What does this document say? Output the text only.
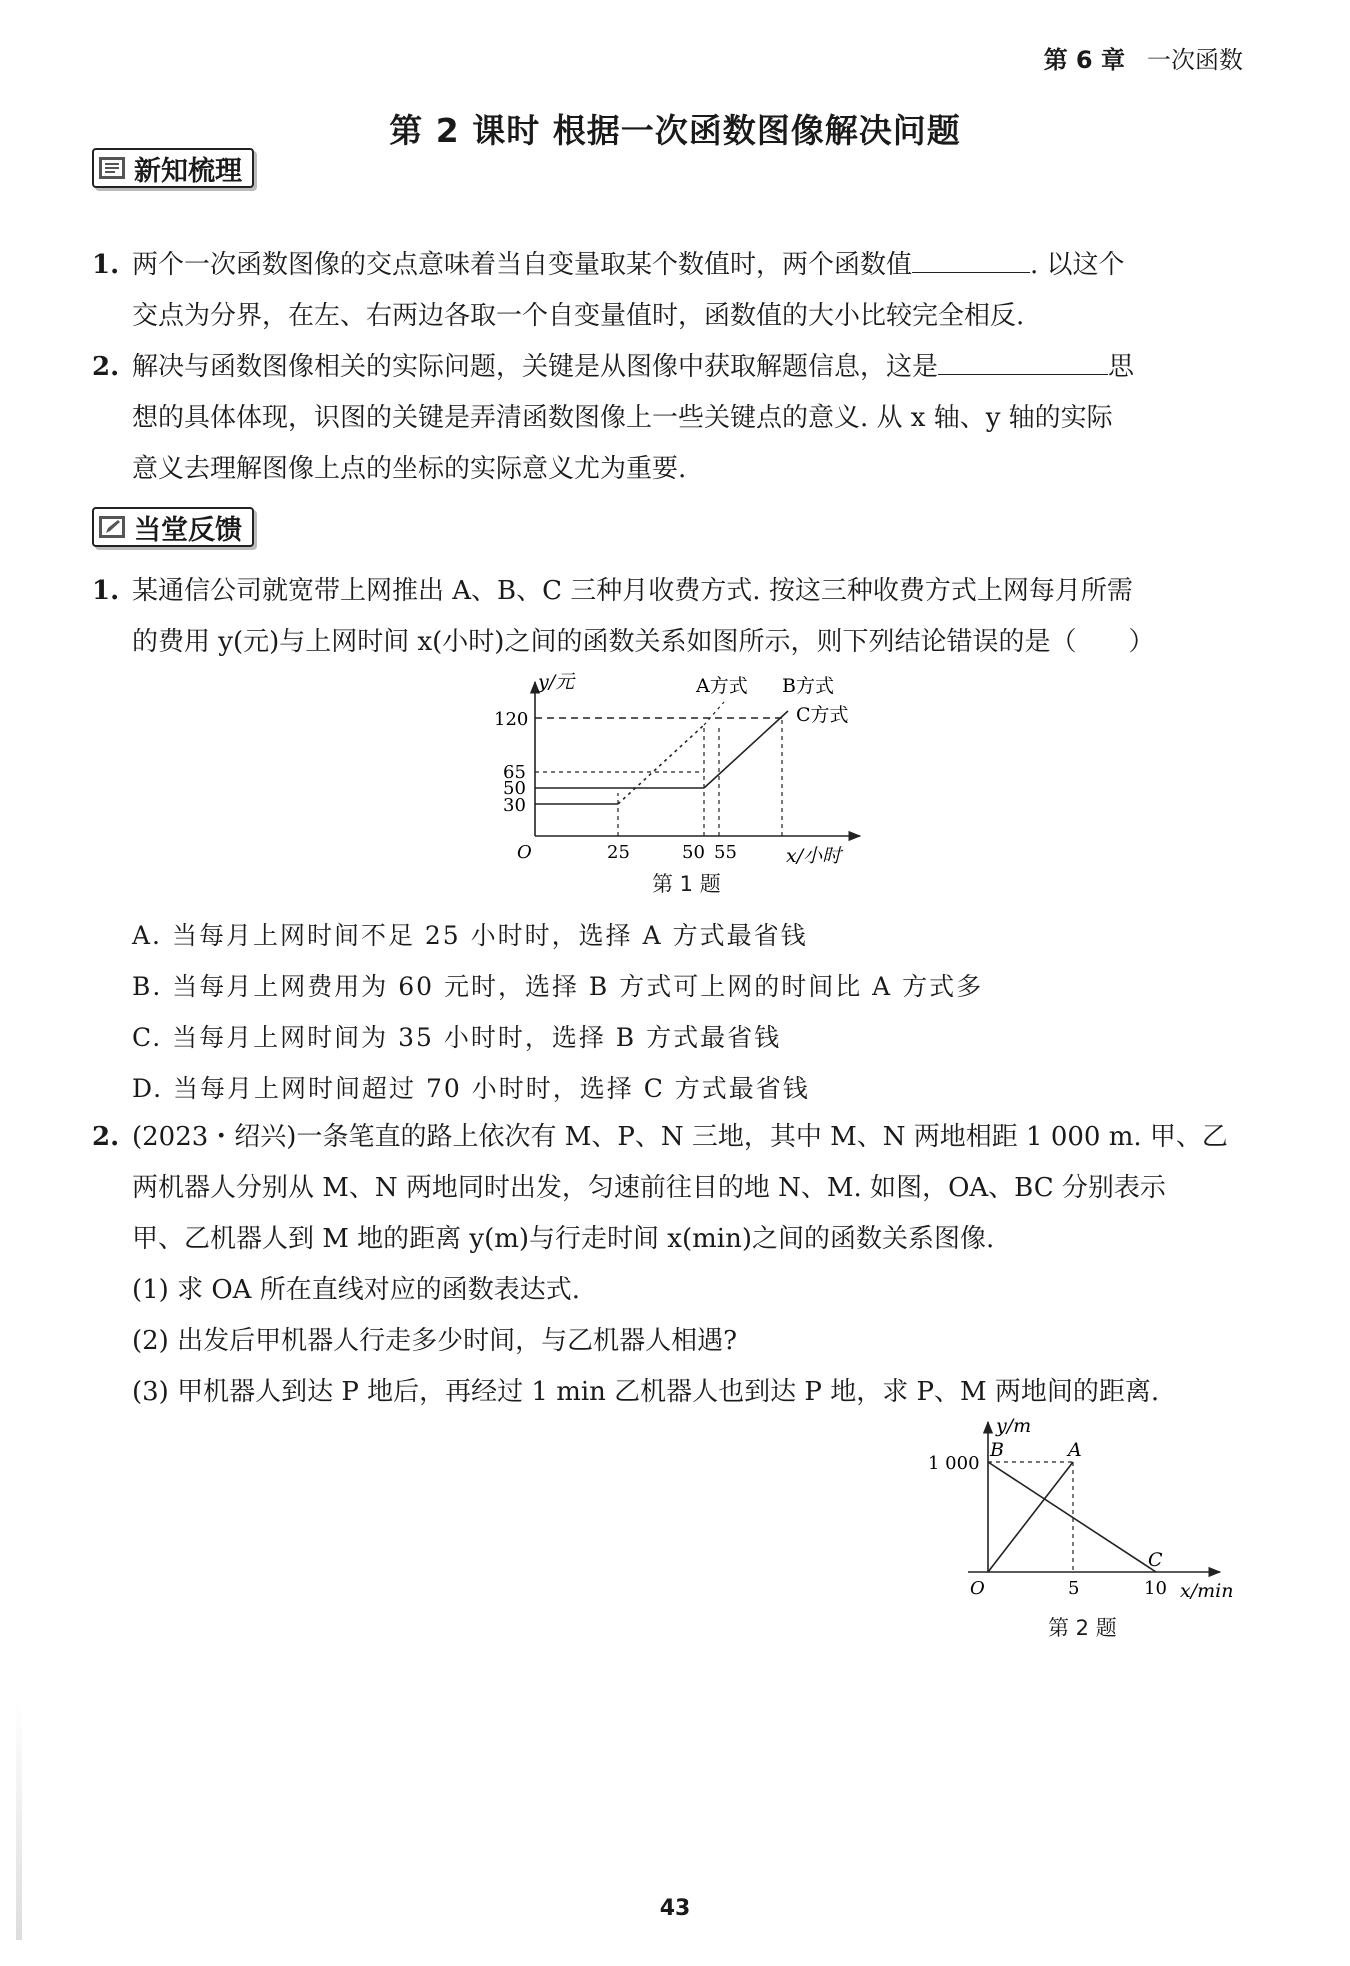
第 6 章 一次函数
第 2 课时 根据一次函数图像解决问题
新知梳理
1. 两个一次函数图像的交点意味着当自变量取某个数值时，两个函数值	. 以这个
交点为分界，在左、右两边各取一个自变量值时，函数值的大小比较完全相反.
2. 解决与函数图像相关的实际问题，关键是从图像中获取解题信息，这是	思
想的具体体现，识图的关键是弄清函数图像上一些关键点的意义. 从 x 轴、y 轴的实际
意义去理解图像上点的坐标的实际意义尤为重要.
当堂反馈
1. 某通信公司就宽带上网推出 A、B、C 三种月收费方式. 按这三种收费方式上网每月所需
的费用 y(元)与上网时间 x(小时)之间的函数关系如图所示，则下列结论错误的是（　　）
y/元
120
65
50
30
O	25	50 55	x/小时
A方式 B方式
C方式
第 1 题
A. 当每月上网时间不足 25 小时时，选择 A 方式最省钱
B. 当每月上网费用为 60 元时，选择 B 方式可上网的时间比 A 方式多
C. 当每月上网时间为 35 小时时，选择 B 方式最省钱
D. 当每月上网时间超过 70 小时时，选择 C 方式最省钱
2. (2023・绍兴)一条笔直的路上依次有 M、P、N 三地，其中 M、N 两地相距 1 000 m. 甲、乙
两机器人分别从 M、N 两地同时出发，匀速前往目的地 N、M. 如图，OA、BC 分别表示
甲、乙机器人到 M 地的距离 y(m)与行走时间 x(min)之间的函数关系图像.
(1) 求 OA 所在直线对应的函数表达式.
(2) 出发后甲机器人行走多少时间，与乙机器人相遇?
(3) 甲机器人到达 P 地后，再经过 1 min 乙机器人也到达 P 地，求 P、M 两地间的距离.
y/m
1 000
B	A
C
O	5	10 x/min
第 2 题
43
